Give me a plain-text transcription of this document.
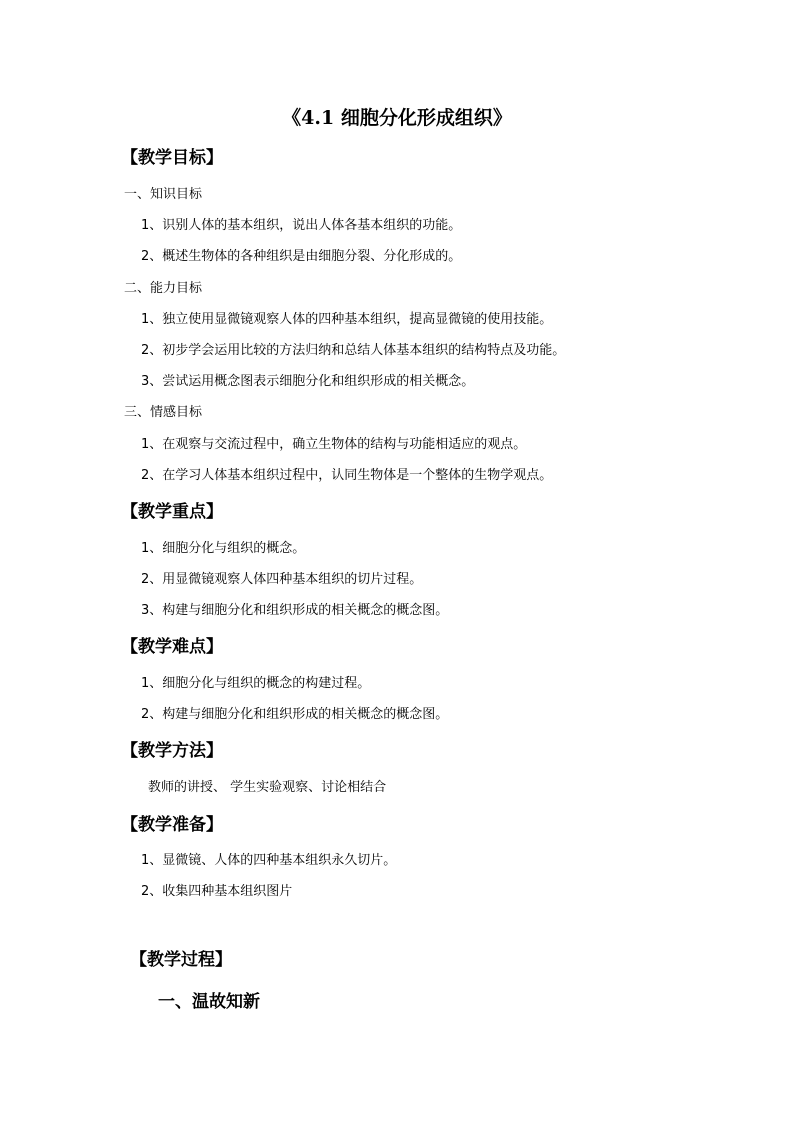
《4.1 细胞分化形成组织》
【教学目标】
一、知识目标
1、识别人体的基本组织，说出人体各基本组织的功能。
2、概述生物体的各种组织是由细胞分裂、分化形成的。
二、能力目标
1、独立使用显微镜观察人体的四种基本组织，提高显微镜的使用技能。
2、初步学会运用比较的方法归纳和总结人体基本组织的结构特点及功能。
3、尝试运用概念图表示细胞分化和组织形成的相关概念。
三、情感目标
1、在观察与交流过程中，确立生物体的结构与功能相适应的观点。
2、在学习人体基本组织过程中，认同生物体是一个整体的生物学观点。
【教学重点】
1、细胞分化与组织的概念。
2、用显微镜观察人体四种基本组织的切片过程。
3、构建与细胞分化和组织形成的相关概念的概念图。
【教学难点】
1、细胞分化与组织的概念的构建过程。
2、构建与细胞分化和组织形成的相关概念的概念图。
【教学方法】
教师的讲授、 学生实验观察、讨论相结合
【教学准备】
1、显微镜、人体的四种基本组织永久切片。
2、收集四种基本组织图片
【教学过程】
一、温故知新
